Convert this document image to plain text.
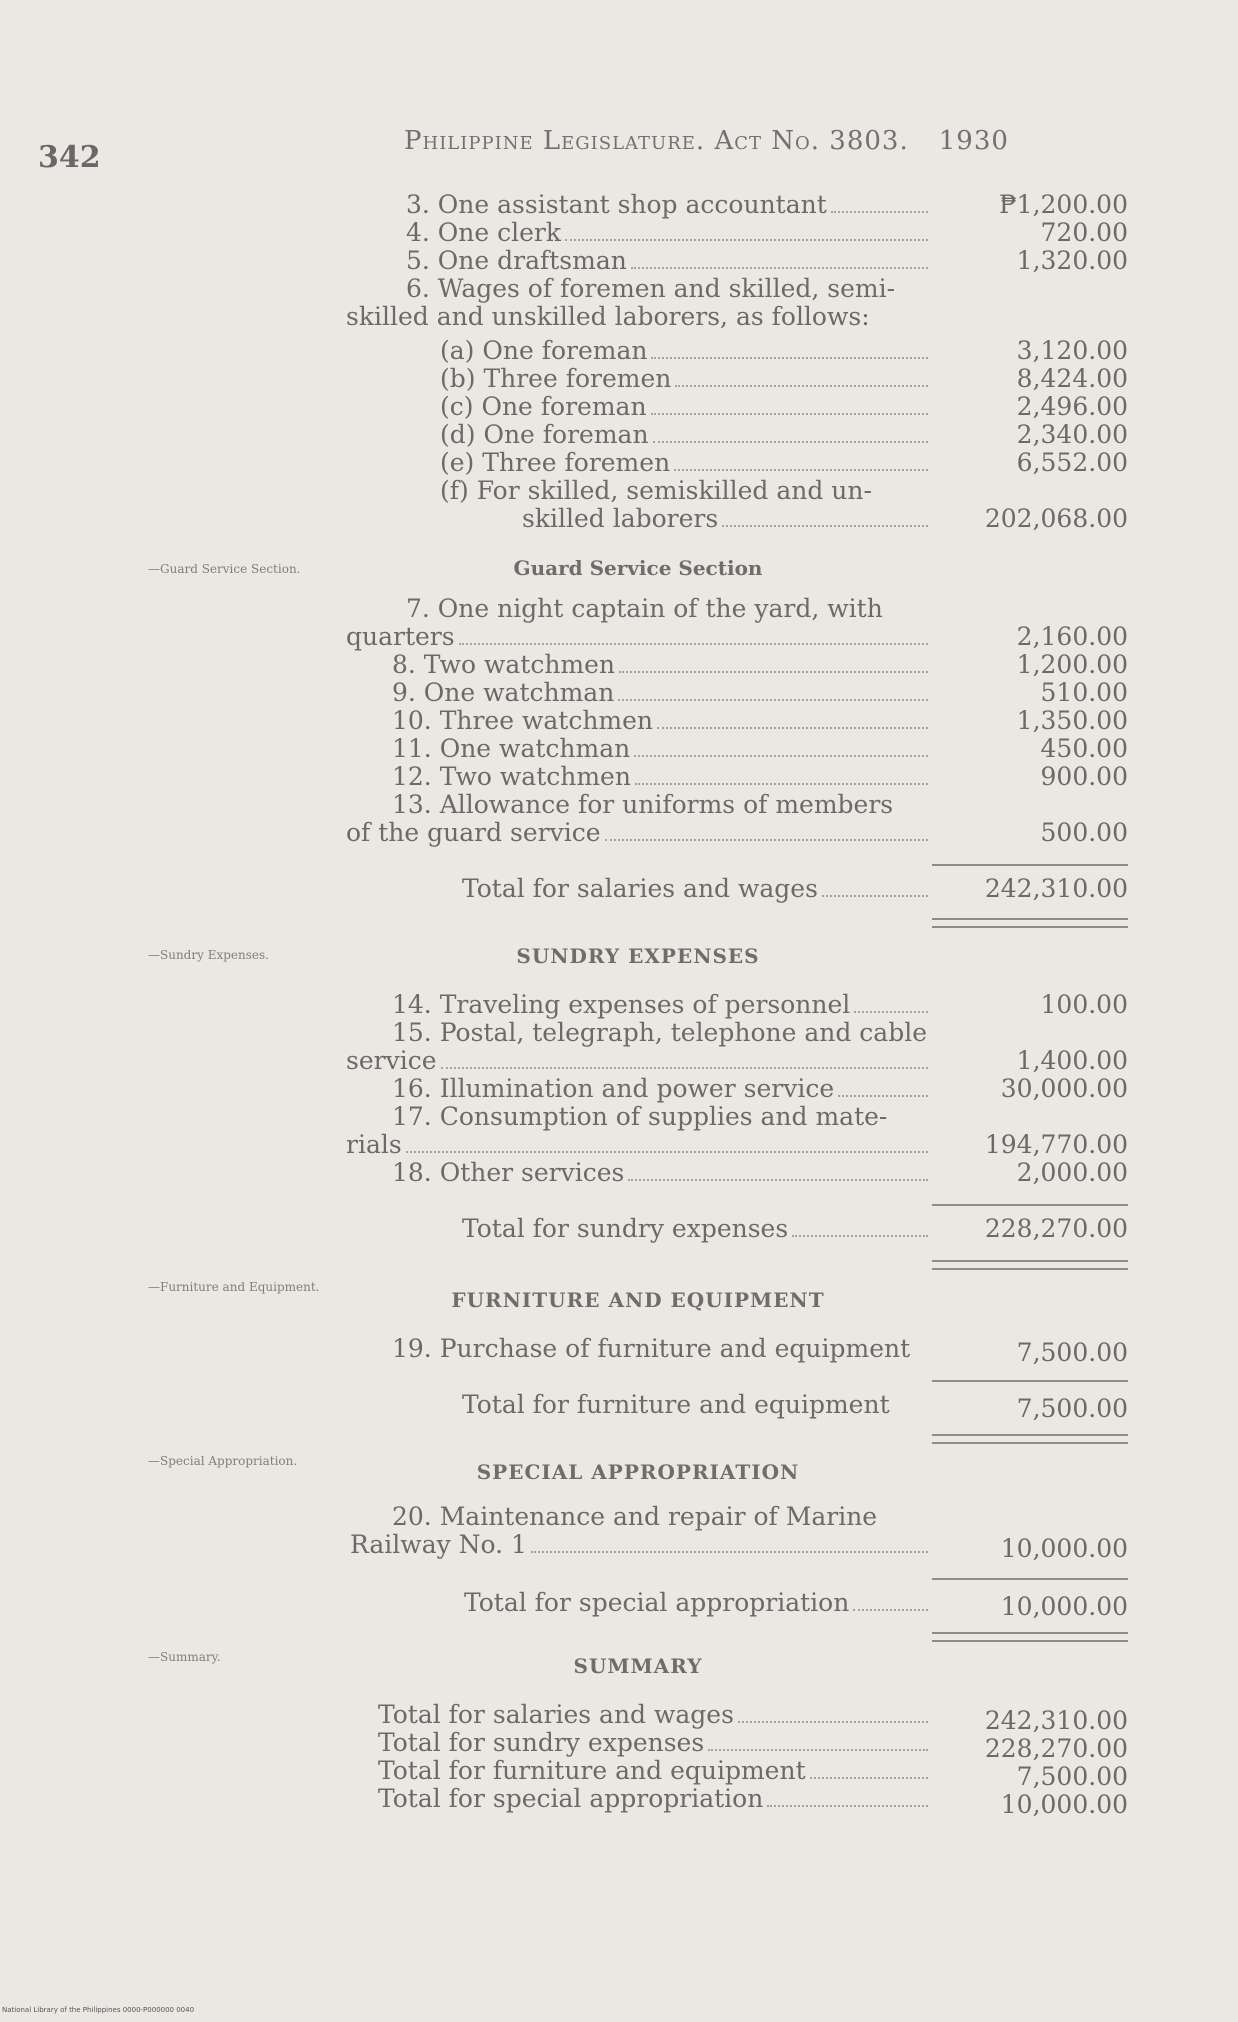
342	Philippine Legislature. Act No. 3803. 1930
3. One assistant shop accountant	₱1,200.00
4. One clerk	720.00
5. One draftsman	1,320.00
6. Wages of foremen and skilled, semi-
skilled and unskilled laborers, as follows:
(a) One foreman	3,120.00
(b) Three foremen	8,424.00
(c) One foreman	2,496.00
(d) One foreman	2,340.00
(e) Three foremen	6,552.00
(f) For skilled, semiskilled and un-
skilled laborers	202,068.00
—Guard Service Section.	Guard Service Section
7. One night captain of the yard, with
quarters	2,160.00
8. Two watchmen	1,200.00
9. One watchman	510.00
10. Three watchmen	1,350.00
11. One watchman	450.00
12. Two watchmen	900.00
13. Allowance for uniforms of members
of the guard service	500.00
Total for salaries and wages	242,310.00
—Sundry Expenses.	SUNDRY EXPENSES
14. Traveling expenses of personnel	100.00
15. Postal, telegraph, telephone and cable
service	1,400.00
16. Illumination and power service	30,000.00
17. Consumption of supplies and mate-
rials	194,770.00
18. Other services	2,000.00
Total for sundry expenses	228,270.00
—Furniture and Equipment.
FURNITURE AND EQUIPMENT
19. Purchase of furniture and equipment	7,500.00
Total for furniture and equipment	7,500.00
—Special Appropriation.	SPECIAL APPROPRIATION
20. Maintenance and repair of Marine
Railway No. 1	10,000.00
Total for special appropriation	10,000.00
—Summary.	SUMMARY
Total for salaries and wages	242,310.00
Total for sundry expenses	228,270.00
Total for furniture and equipment	7,500.00
Total for special appropriation	10,000.00
National Library of the Philippines 0000-P000000 0040
